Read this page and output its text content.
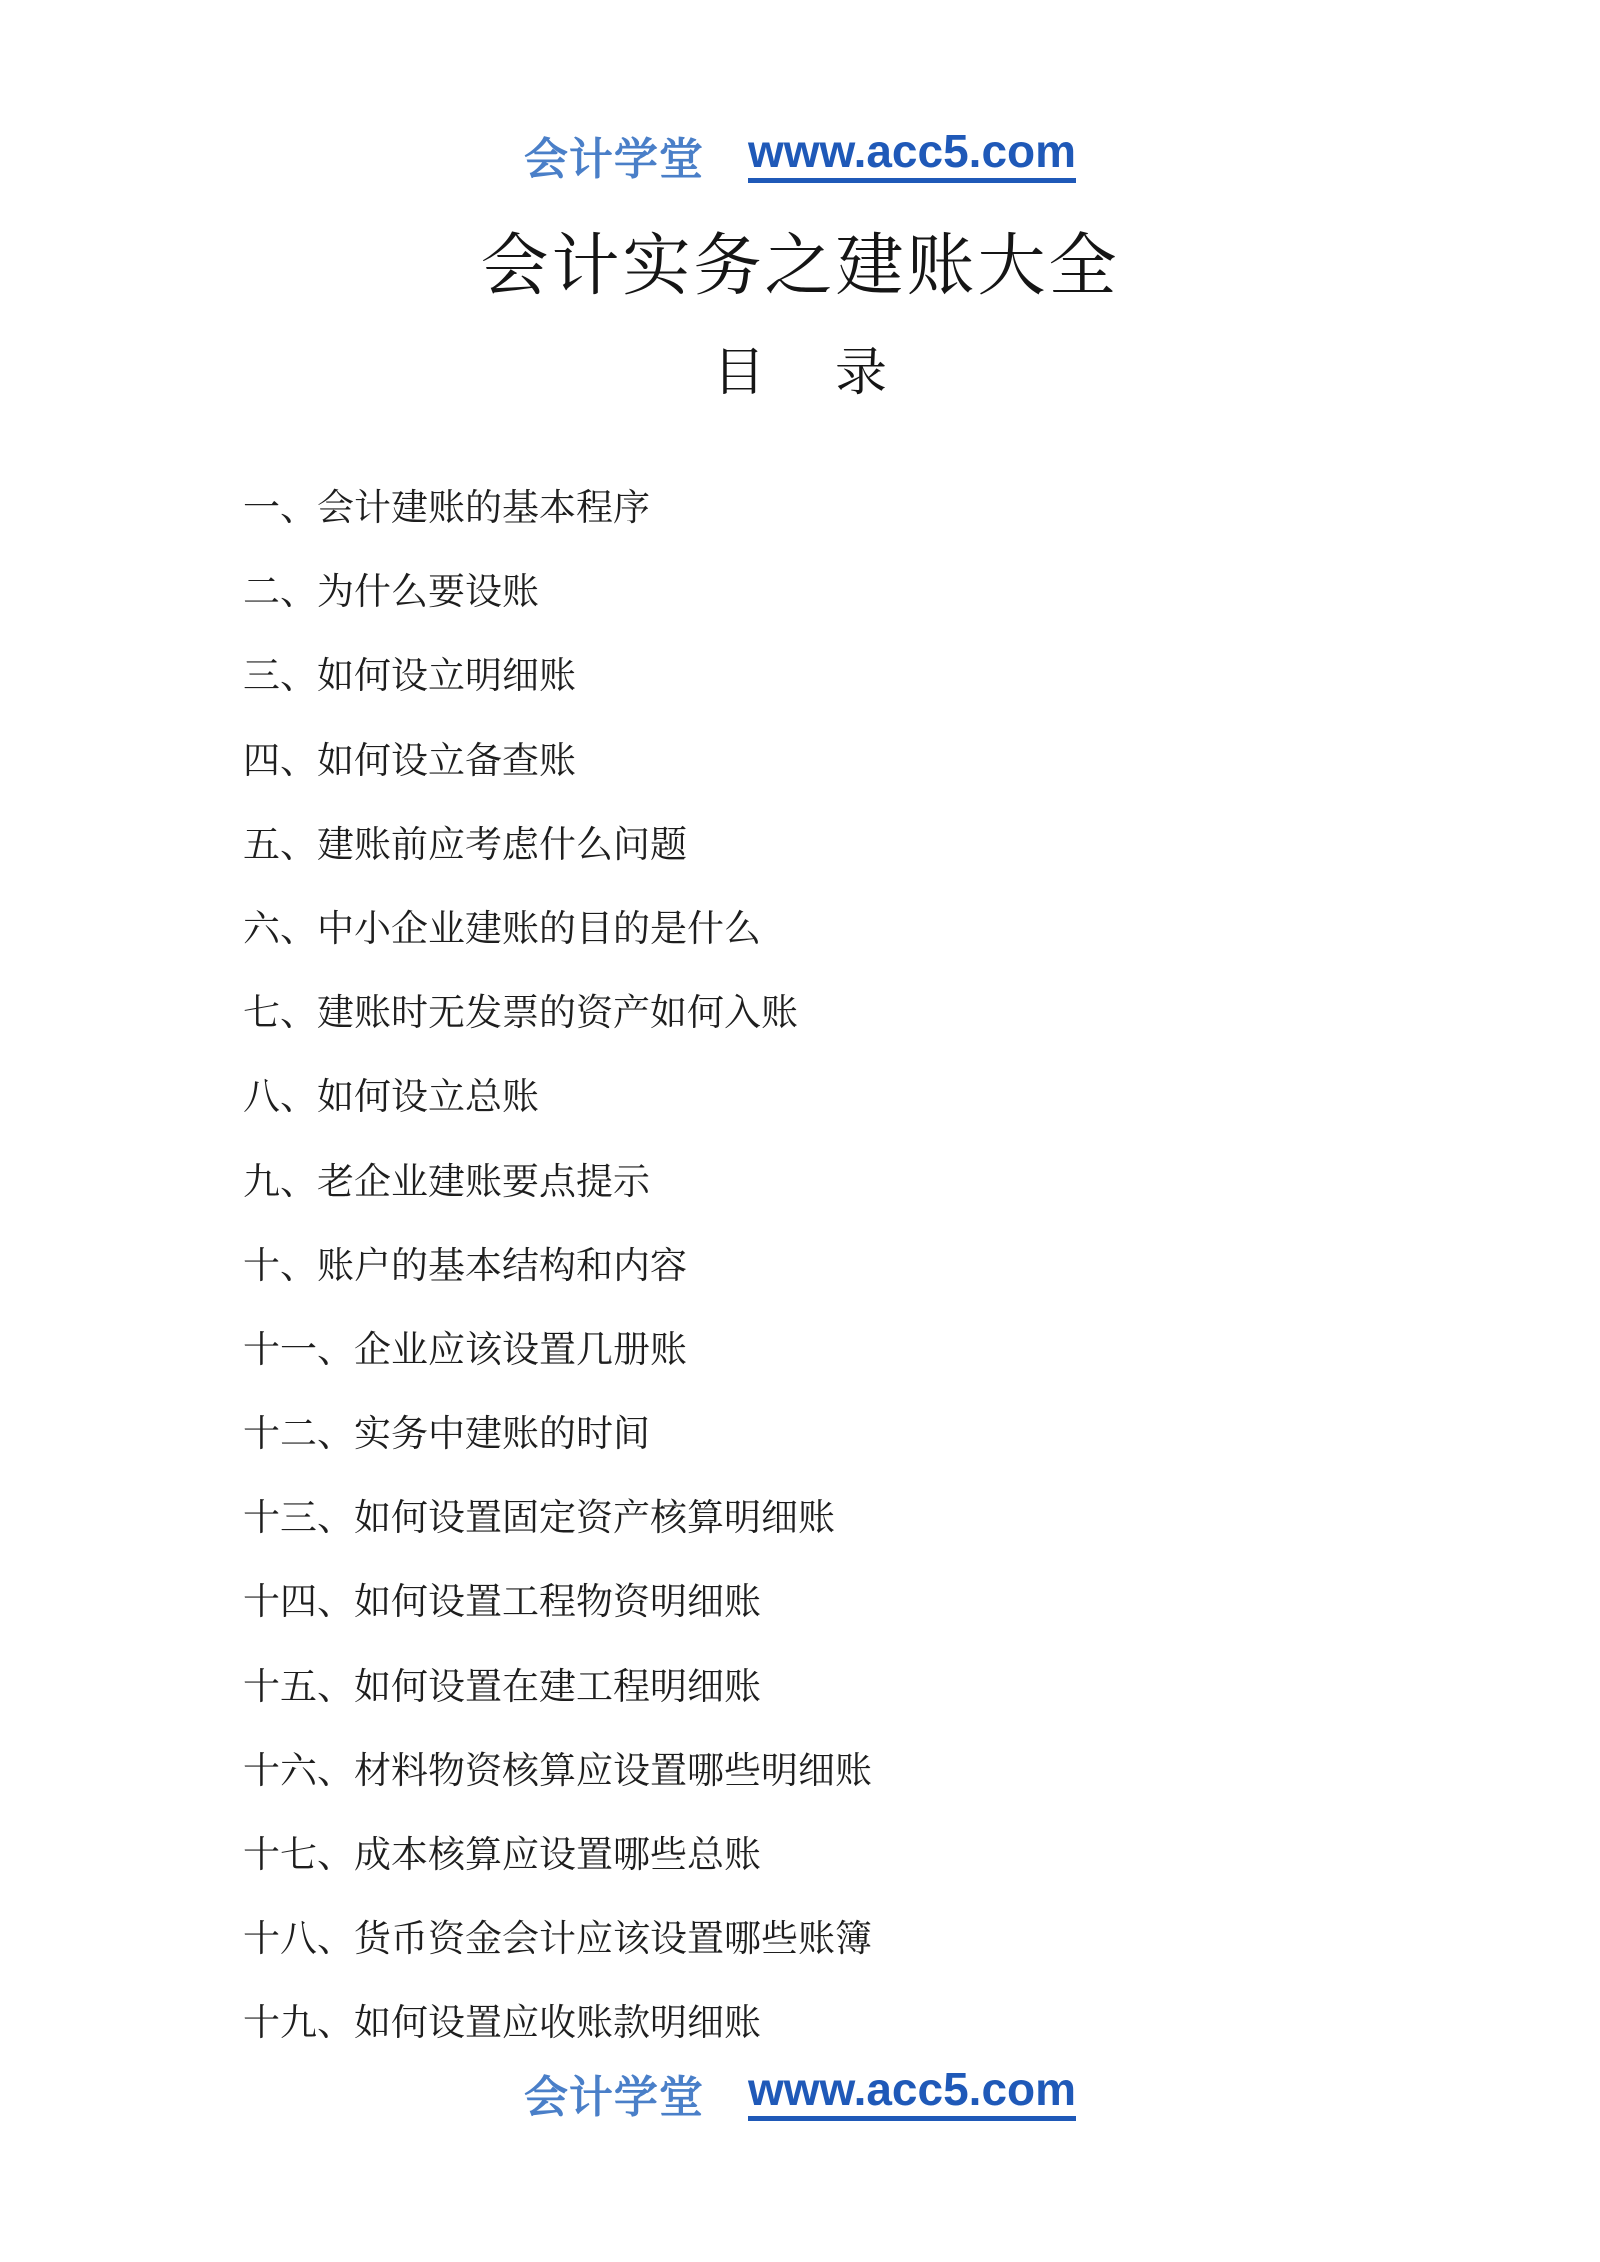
会计学堂 www.acc5.com
会计实务之建账大全
目录
一、会计建账的基本程序
二、为什么要设账
三、如何设立明细账
四、如何设立备查账
五、建账前应考虑什么问题
六、中小企业建账的目的是什么
七、建账时无发票的资产如何入账
八、如何设立总账
九、老企业建账要点提示
十、账户的基本结构和内容
十一、企业应该设置几册账
十二、实务中建账的时间
十三、如何设置固定资产核算明细账
十四、如何设置工程物资明细账
十五、如何设置在建工程明细账
十六、材料物资核算应设置哪些明细账
十七、成本核算应设置哪些总账
十八、货币资金会计应该设置哪些账簿
十九、如何设置应收账款明细账
会计学堂 www.acc5.com
